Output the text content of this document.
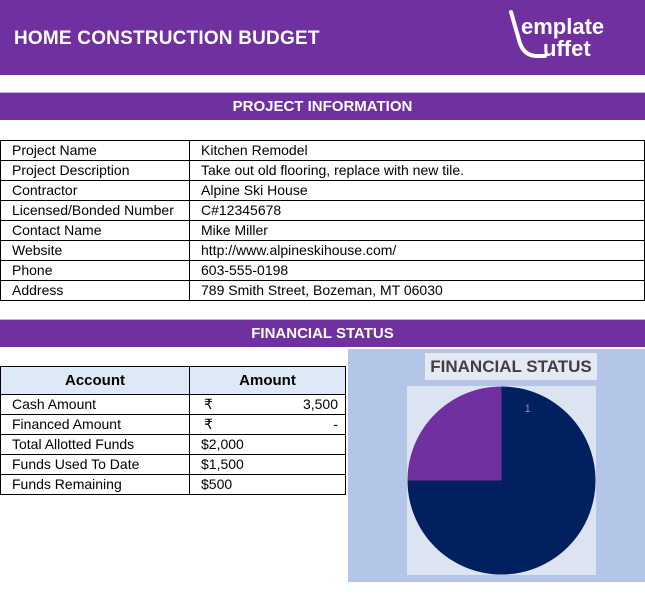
HOME CONSTRUCTION BUDGET	emplate
uffet
PROJECT INFORMATION
Project Name	Kitchen Remodel
Project Description	Take out old flooring, replace with new tile.
Contractor	Alpine Ski House
Licensed/Bonded Number	C#12345678
Contact Name	Mike Miller
Website	http://www.alpineskihouse.com/
Phone	603-555-0198
Address	789 Smith Street, Bozeman, MT 06030
FINANCIAL STATUS
Account	Amount
Cash Amount	₹ 3,500

Financed Amount	₹ -

Total Allotted Funds	$2,000
Funds Used To Date	$1,500
Funds Remaining	$500
FINANCIAL STATUS
1
